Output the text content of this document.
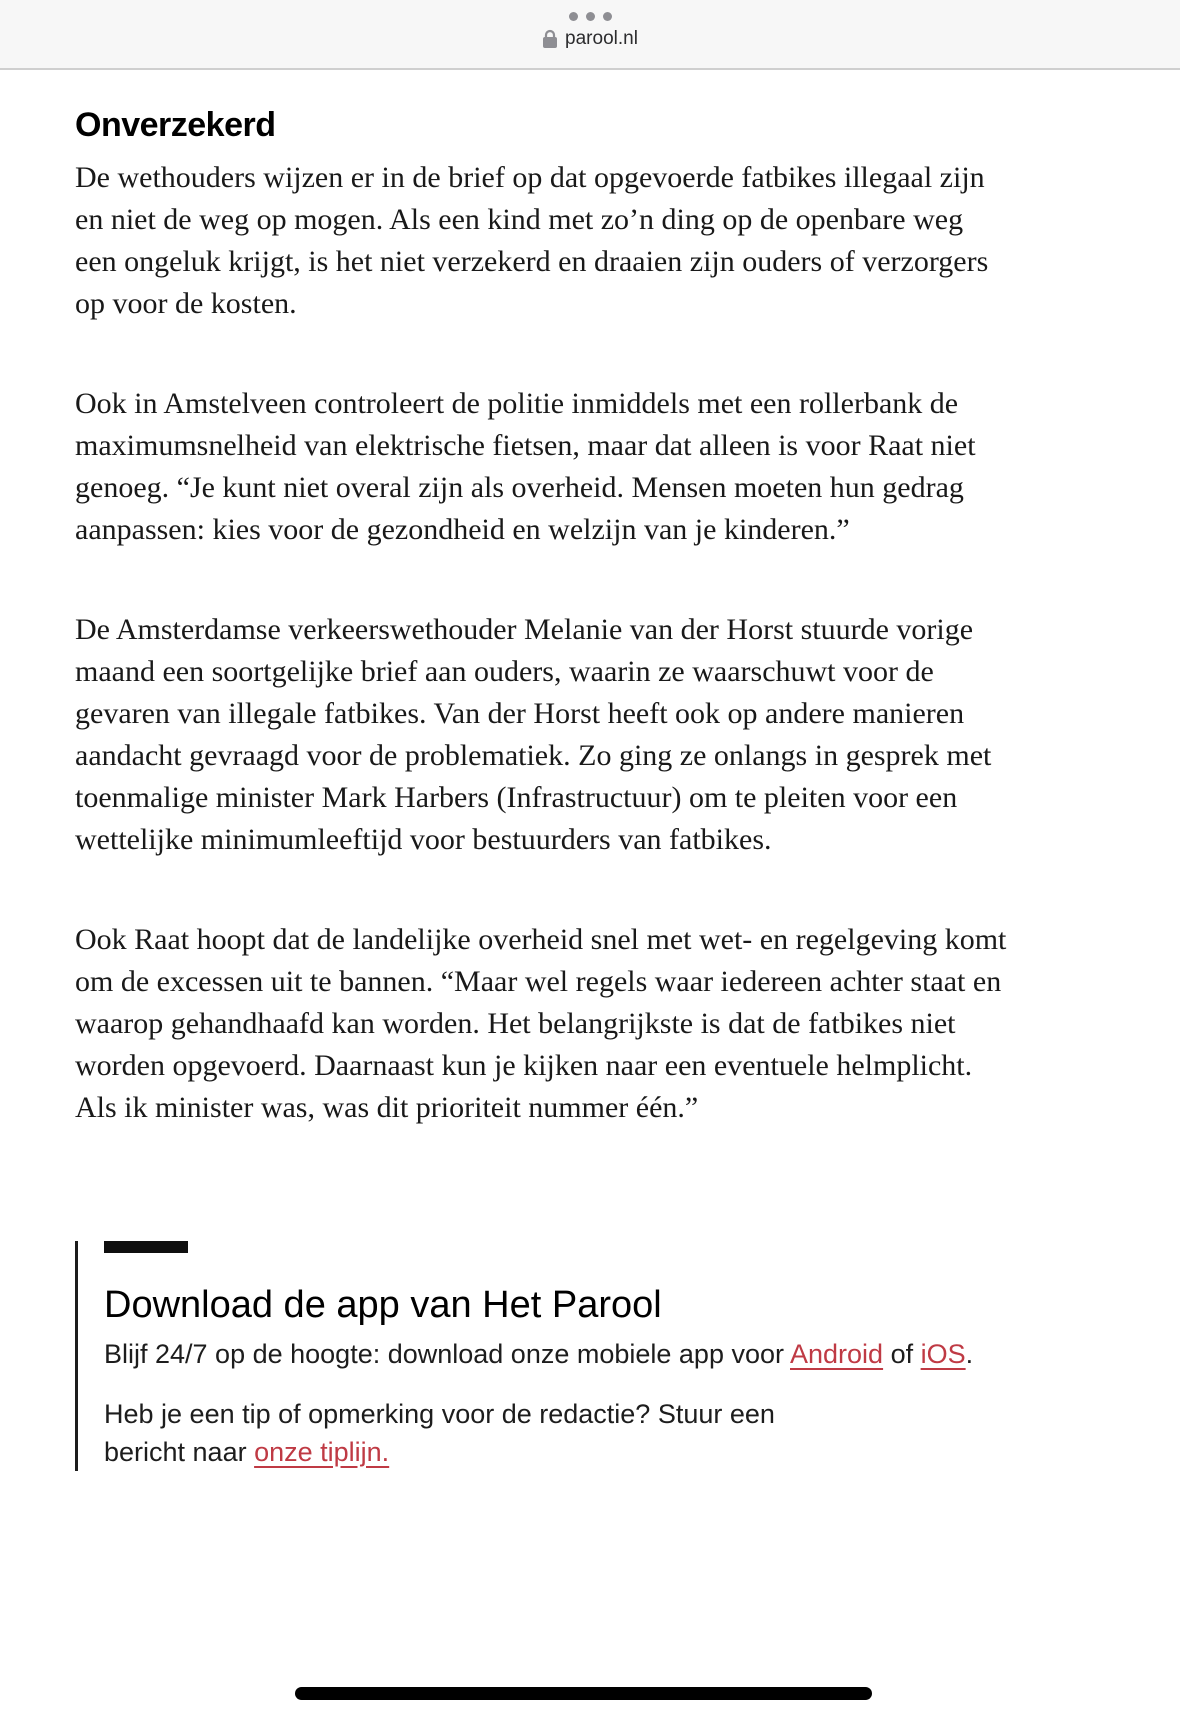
parool.nl
Onverzekerd

De wethouders wijzen er in de brief op dat opgevoerde fatbikes illegaal zijn en niet de weg op mogen. Als een kind met zo’n ding op de openbare weg een ongeluk krijgt, is het niet verzekerd en draaien zijn ouders of verzorgers op voor de kosten.

Ook in Amstelveen controleert de politie inmiddels met een rollerbank de maximumsnelheid van elektrische fietsen, maar dat alleen is voor Raat niet genoeg. “Je kunt niet overal zijn als overheid. Mensen moeten hun gedrag aanpassen: kies voor de gezondheid en welzijn van je kinderen.”

De Amsterdamse verkeerswethouder Melanie van der Horst stuurde vorige maand een soortgelijke brief aan ouders, waarin ze waarschuwt voor de gevaren van illegale fatbikes. Van der Horst heeft ook op andere manieren aandacht gevraagd voor de problematiek. Zo ging ze onlangs in gesprek met toenmalige minister Mark Harbers (Infrastructuur) om te pleiten voor een wettelijke minimumleeftijd voor bestuurders van fatbikes.

Ook Raat hoopt dat de landelijke overheid snel met wet- en regelgeving komt om de excessen uit te bannen. “Maar wel regels waar iedereen achter staat en waarop gehandhaafd kan worden. Het belangrijkste is dat de fatbikes niet worden opgevoerd. Daarnaast kun je kijken naar een eventuele helmplicht. Als ik minister was, was dit prioriteit nummer één.”

Download de app van Het Parool

Blijf 24/7 op de hoogte: download onze mobiele app voor Android of iOS.

Heb je een tip of opmerking voor de redactie? Stuur een
bericht naar onze tiplijn.
